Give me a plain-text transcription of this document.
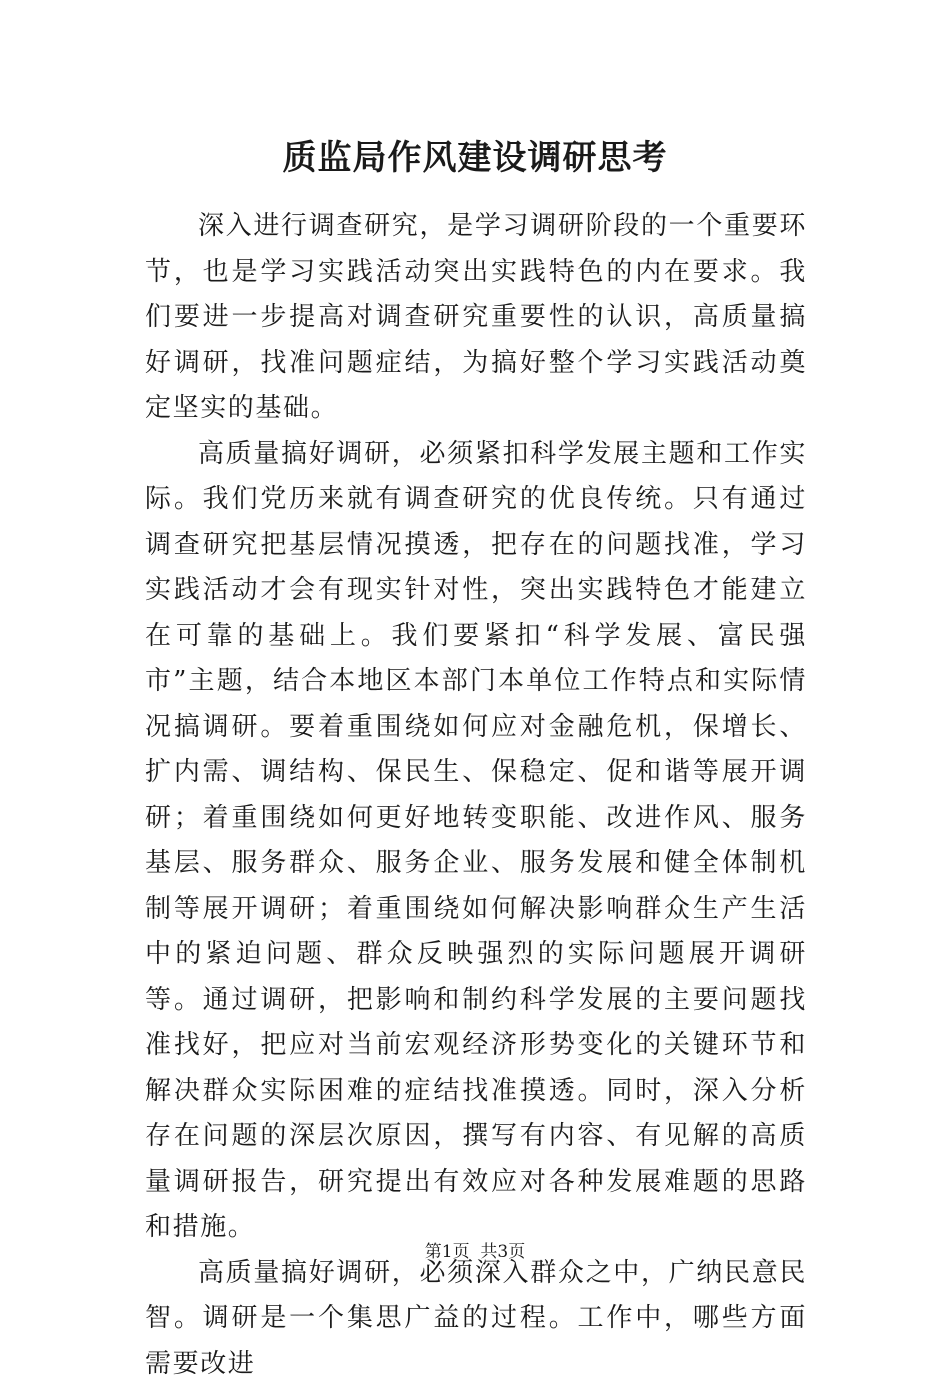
质监局作风建设调研思考

深入进行调查研究，是学习调研阶段的一个重要环节，也是学习实践活动突出实践特色的内在要求。我们要进一步提高对调查研究重要性的认识，高质量搞好调研，找准问题症结，为搞好整个学习实践活动奠定坚实的基础。

高质量搞好调研，必须紧扣科学发展主题和工作实际。我们党历来就有调查研究的优良传统。只有通过调查研究把基层情况摸透，把存在的问题找准，学习实践活动才会有现实针对性，突出实践特色才能建立在可靠的基础上。我们要紧扣“科学发展、富民强市”主题，结合本地区本部门本单位工作特点和实际情况搞调研。要着重围绕如何应对金融危机，保增长、扩内需、调结构、保民生、保稳定、促和谐等展开调研；着重围绕如何更好地转变职能、改进作风、服务基层、服务群众、服务企业、服务发展和健全体制机制等展开调研；着重围绕如何解决影响群众生产生活中的紧迫问题、群众反映强烈的实际问题展开调研等。通过调研，把影响和制约科学发展的主要问题找准找好，把应对当前宏观经济形势变化的关键环节和解决群众实际困难的症结找准摸透。同时，深入分析存在问题的深层次原因，撰写有内容、有见解的高质量调研报告，研究提出有效应对各种发展难题的思路和措施。

高质量搞好调研，必须深入群众之中，广纳民意民智。调研是一个集思广益的过程。工作中，哪些方面需要改进

第1页  共3页
